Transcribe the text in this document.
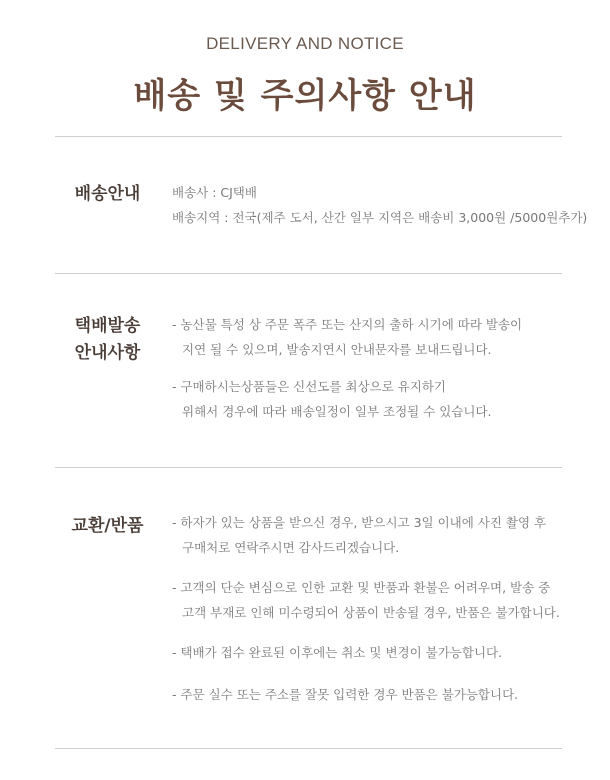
DELIVERY AND NOTICE
배송 및 주의사항 안내
배송안내	배송사 : CJ택배
배송지역 : 전국(제주 도서, 산간 일부 지역은 배송비 3,000원 /5000원추가)
택배발송
안내사항
- 농산물 특성 상 주문 폭주 또는 산지의 출하 시기에 따라 발송이
지연 될 수 있으며, 발송지연시 안내문자를 보내드립니다.
- 구매하시는상품들은 신선도를 최상으로 유지하기
위해서 경우에 따라 배송일정이 일부 조정될 수 있습니다.
교환/반품	- 하자가 있는 상품을 받으신 경우, 받으시고 3일 이내에 사진 촬영 후
구매처로 연락주시면 감사드리겠습니다.
- 고객의 단순 변심으로 인한 교환 및 반품과 환불은 어려우며, 발송 중
고객 부재로 인해 미수령되어 상품이 반송될 경우, 반품은 불가합니다.
- 택배가 접수 완료된 이후에는 취소 및 변경이 불가능합니다.
- 주문 실수 또는 주소를 잘못 입력한 경우 반품은 불가능합니다.
